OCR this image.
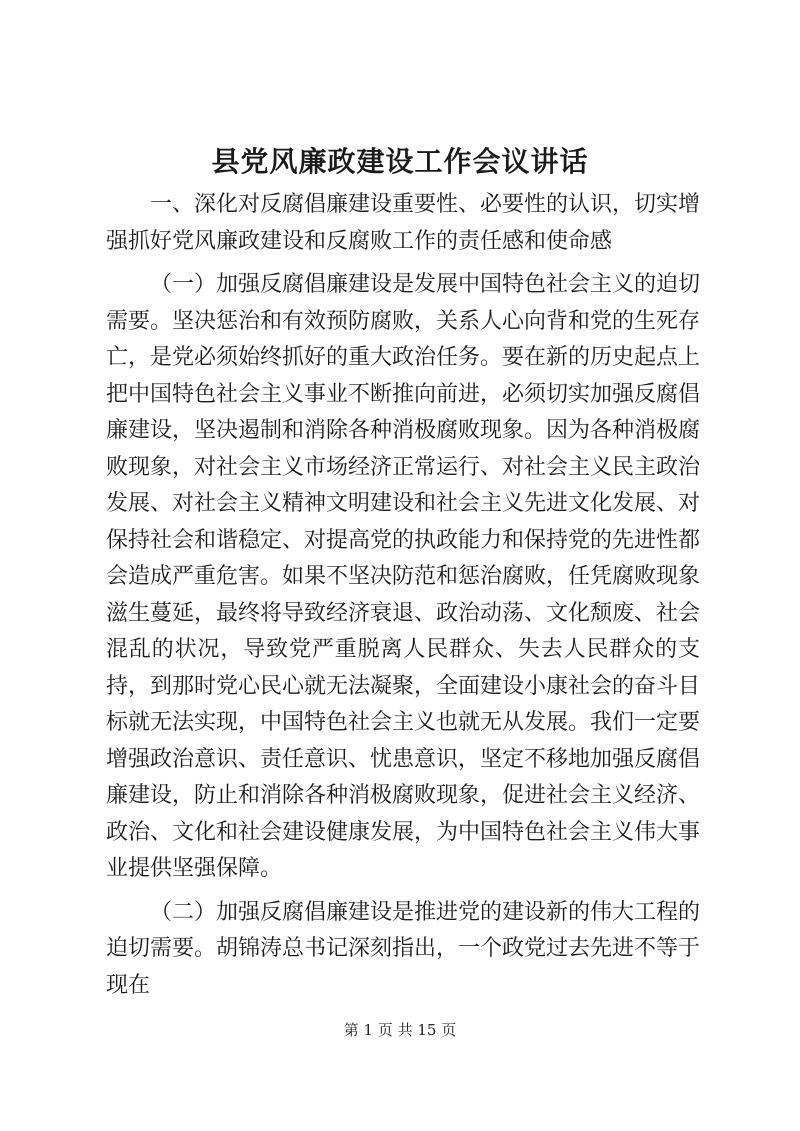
县党风廉政建设工作会议讲话

一、深化对反腐倡廉建设重要性、必要性的认识，切实增强抓好党风廉政建设和反腐败工作的责任感和使命感

（一）加强反腐倡廉建设是发展中国特色社会主义的迫切需要。坚决惩治和有效预防腐败，关系人心向背和党的生死存亡，是党必须始终抓好的重大政治任务。要在新的历史起点上把中国特色社会主义事业不断推向前进，必须切实加强反腐倡廉建设，坚决遏制和消除各种消极腐败现象。因为各种消极腐败现象，对社会主义市场经济正常运行、对社会主义民主政治发展、对社会主义精神文明建设和社会主义先进文化发展、对保持社会和谐稳定、对提高党的执政能力和保持党的先进性都会造成严重危害。如果不坚决防范和惩治腐败，任凭腐败现象滋生蔓延，最终将导致经济衰退、政治动荡、文化颓废、社会混乱的状况，导致党严重脱离人民群众、失去人民群众的支持，到那时党心民心就无法凝聚，全面建设小康社会的奋斗目标就无法实现，中国特色社会主义也就无从发展。我们一定要增强政治意识、责任意识、忧患意识，坚定不移地加强反腐倡廉建设，防止和消除各种消极腐败现象，促进社会主义经济、政治、文化和社会建设健康发展，为中国特色社会主义伟大事业提供坚强保障。

（二）加强反腐倡廉建设是推进党的建设新的伟大工程的迫切需要。胡锦涛总书记深刻指出，一个政党过去先进不等于现在

第 1 页 共 15 页
